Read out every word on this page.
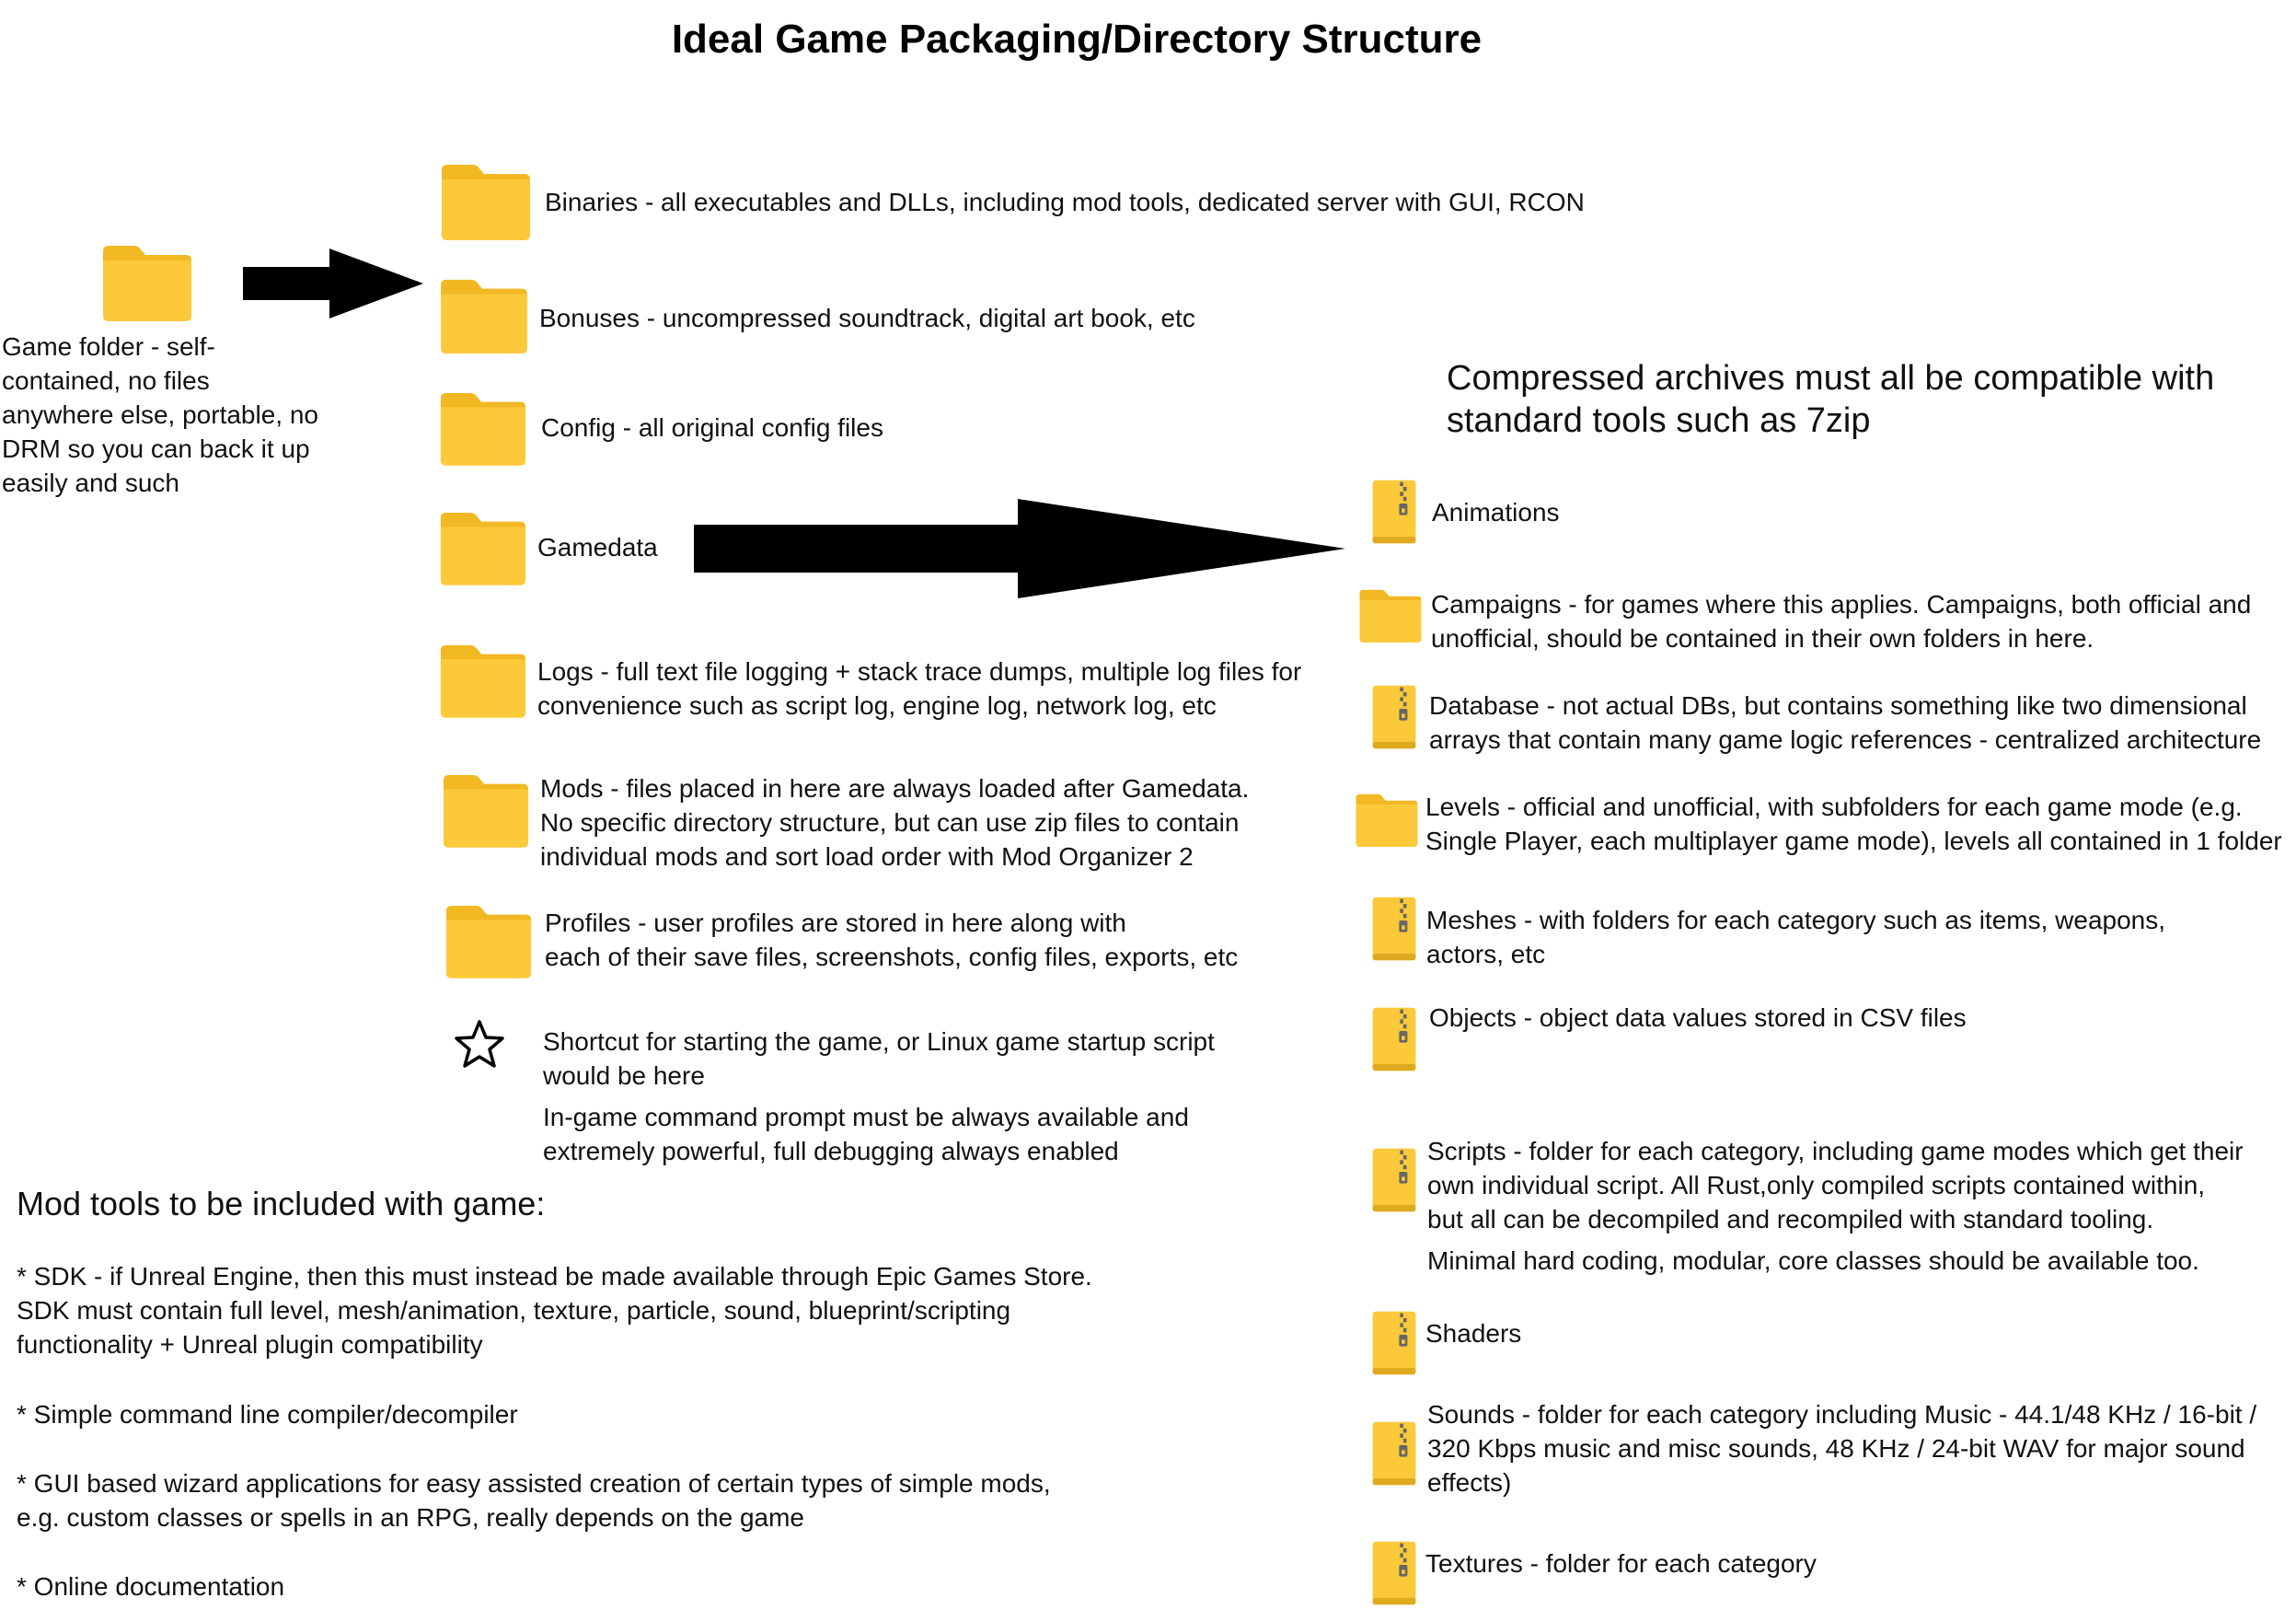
Ideal Game Packaging/Directory Structure

Game folder - self-
contained, no files
anywhere else, portable, no
DRM so you can back it up
easily and such

Binaries - all executables and DLLs, including mod tools, dedicated server with GUI, RCON

Bonuses - uncompressed soundtrack, digital art book, etc

Config - all original config files

Gamedata

Logs - full text file logging + stack trace dumps, multiple log files for
convenience such as script log, engine log, network log, etc

Mods - files placed in here are always loaded after Gamedata.
No specific directory structure, but can use zip files to contain
individual mods and sort load order with Mod Organizer 2

Profiles - user profiles are stored in here along with
each of their save files, screenshots, config files, exports, etc

Shortcut for starting the game, or Linux game startup script
would be here

In-game command prompt must be always available and
extremely powerful, full debugging always enabled

Compressed archives must all be compatible with
standard tools such as 7zip

Animations

Campaigns - for games where this applies. Campaigns, both official and
unofficial, should be contained in their own folders in here.

Database - not actual DBs, but contains something like two dimensional
arrays that contain many game logic references - centralized architecture

Levels - official and unofficial, with subfolders for each game mode (e.g.
Single Player, each multiplayer game mode), levels all contained in 1 folder

Meshes - with folders for each category such as items, weapons,
actors, etc

Objects - object data values stored in CSV files

Scripts - folder for each category, including game modes which get their
own individual script. All Rust,only compiled scripts contained within,
but all can be decompiled and recompiled with standard tooling.

Minimal hard coding, modular, core classes should be available too.

Shaders

Sounds - folder for each category including Music - 44.1/48 KHz / 16-bit /
320 Kbps music and misc sounds, 48 KHz / 24-bit WAV for major sound
effects)

Textures - folder for each category

Mod tools to be included with game:

* SDK - if Unreal Engine, then this must instead be made available through Epic Games Store.
SDK must contain full level, mesh/animation, texture, particle, sound, blueprint/scripting
functionality + Unreal plugin compatibility

* Simple command line compiler/decompiler

* GUI based wizard applications for easy assisted creation of certain types of simple mods,
e.g. custom classes or spells in an RPG, really depends on the game

* Online documentation
